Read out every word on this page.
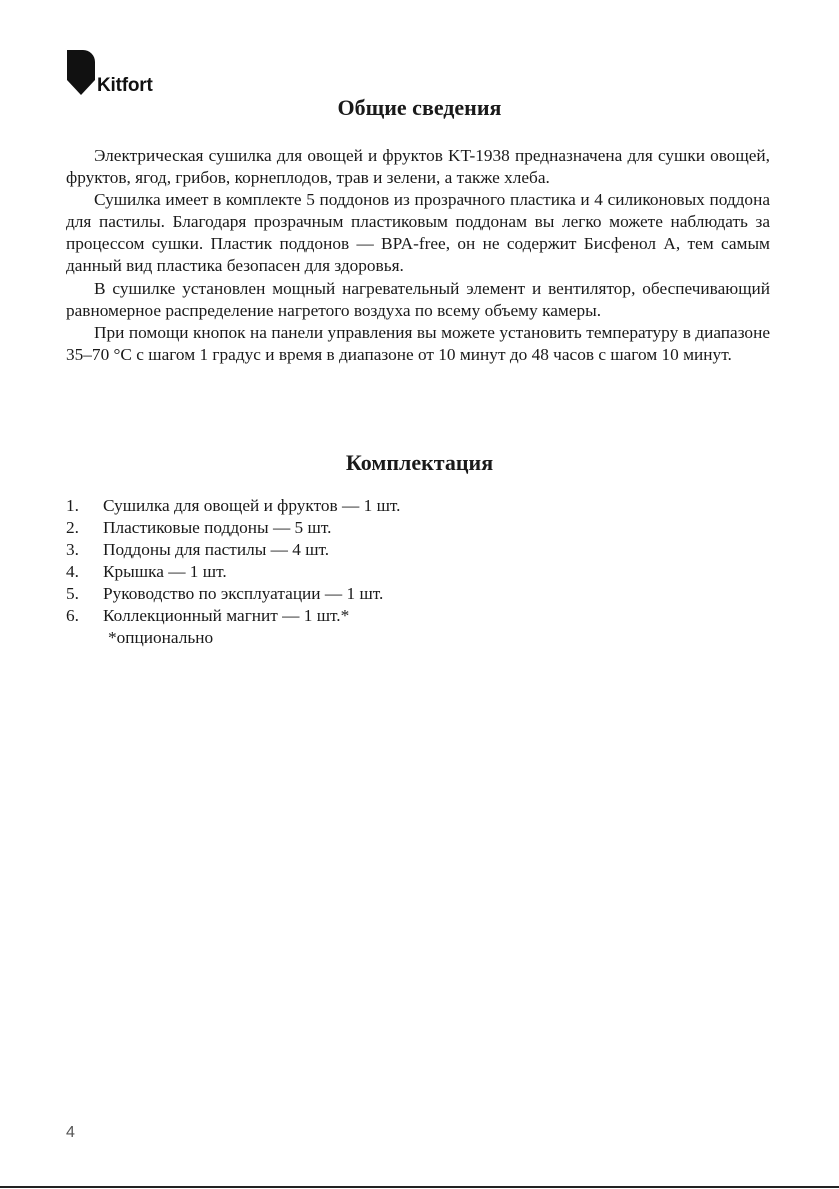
Kitfort
Общие сведения

Электрическая сушилка для овощей и фруктов KT-1938 предназначена для сушки овощей, фруктов, ягод, грибов, корнеплодов, трав и зелени, а также хлеба.

Сушилка имеет в комплекте 5 поддонов из прозрачного пластика и 4 силиконовых поддона для пастилы. Благодаря прозрачным пластиковым поддонам вы легко можете наблюдать за процессом сушки. Пластик поддонов — BPA-free, он не содержит Бисфенол А, тем самым данный вид пластика безопасен для здоровья.

В сушилке установлен мощный нагревательный элемент и вентилятор, обеспечивающий равномерное распределение нагретого воздуха по всему объему камеры.

При помощи кнопок на панели управления вы можете установить температуру в диапазоне 35–70 °С с шагом 1 градус и время в диапазоне от 10 минут до 48 часов с шагом 10 минут.

Комплектация
1.	Сушилка для овощей и фруктов — 1 шт.
2.	Пластиковые поддоны — 5 шт.
3.	Поддоны для пастилы — 4 шт.
4.	Крышка — 1 шт.
5.	Руководство по эксплуатации — 1 шт.
6.	Коллекционный магнит — 1 шт.*
*опционально
4
